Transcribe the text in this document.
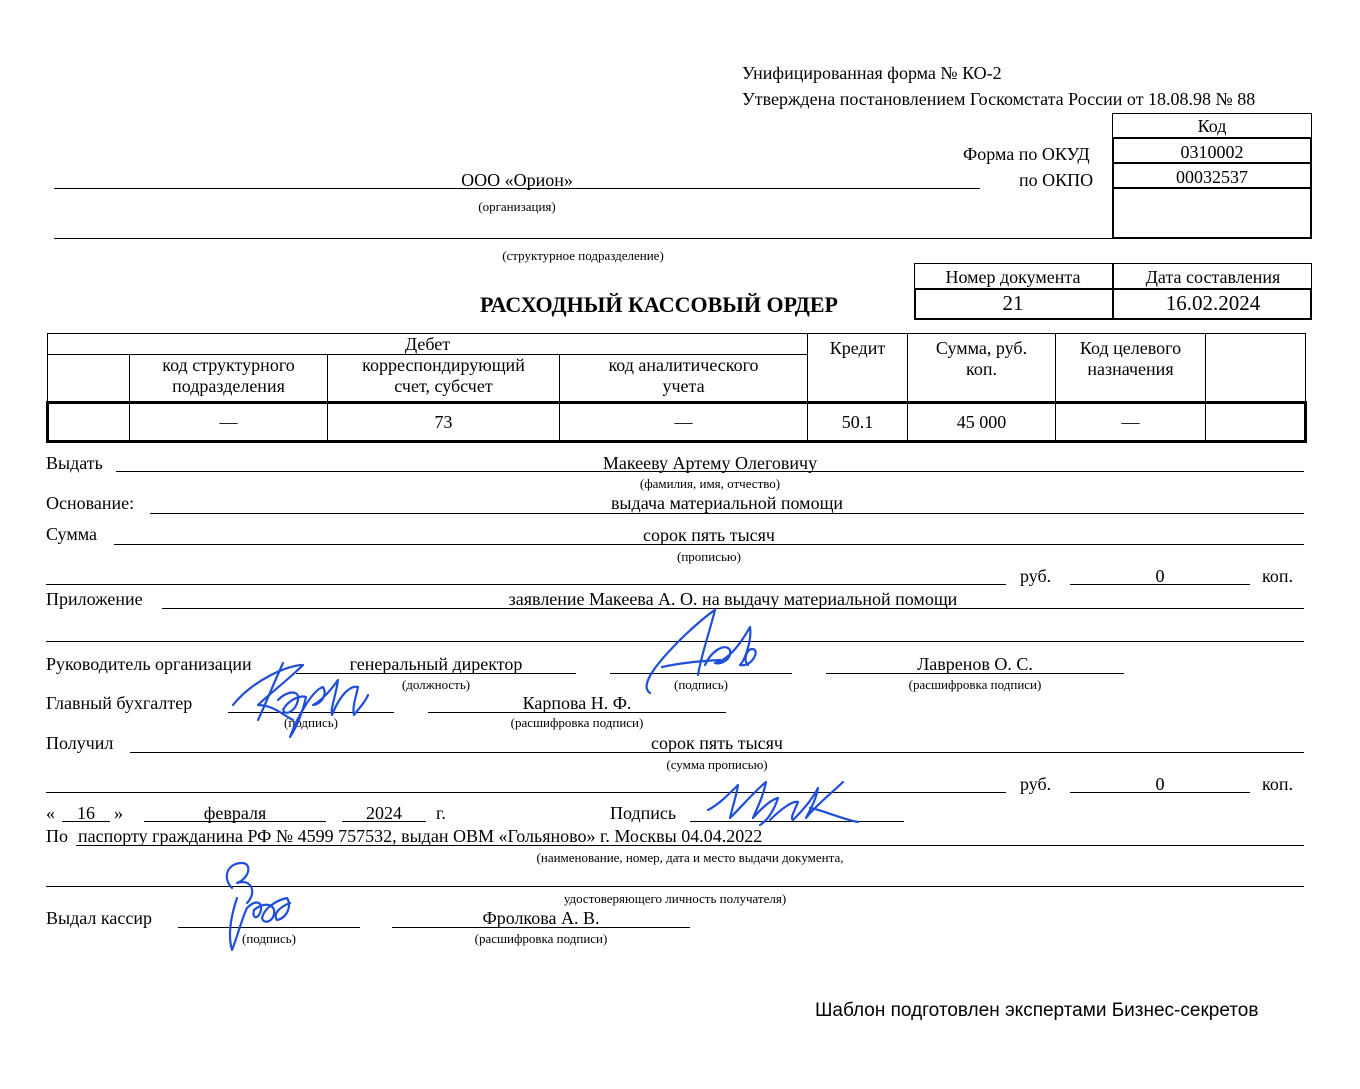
Унифицированная форма № КО-2
Утверждена постановлением Госкомстата России от 18.08.98 № 88
Форма по ОКУД
по ОКПО
Код
0310002
00032537
ООО «Орион»
(организация)
(структурное подразделение)
РАСХОДНЫЙ КАССОВЫЙ ОРДЕР
Номер документа	Дата составления
21	16.02.2024
Дебет				Кредит	Сумма, руб. коп.	Код целевого назначения	
	код структурного подразделения	корреспондирующий счет, субсчет	код аналитического учета				
	—	73	—	50.1	45 000	—	
Выдать	Макееву Артему Олеговичу
(фамилия, имя, отчество)
Основание:	выдача материальной помощи
Сумма	сорок пять тысяч
(прописью)
руб.	0	коп.
Приложение	заявление Макеева А. О. на выдачу материальной помощи
Руководитель организации	генеральный директор
(должность)	(подпись)
Лавренов О. С.
(расшифровка подписи)
Главный бухгалтер
(подпись)
Карпова Н. Ф.
(расшифровка подписи)
Получил	сорок пять тысяч
(сумма прописью)
руб.	0	коп.
«	16	»	февраля	2024	г.	Подпись
По паспорту гражданина РФ № 4599 757532, выдан ОВМ «Гольяново» г. Москвы 04.04.2022
(наименование, номер, дата и место выдачи документа,
удостоверяющего личность получателя)
Выдал кассир
(подпись)
Фролкова А. В.
(расшифровка подписи)
Шаблон подготовлен экспертами Бизнес-секретов
